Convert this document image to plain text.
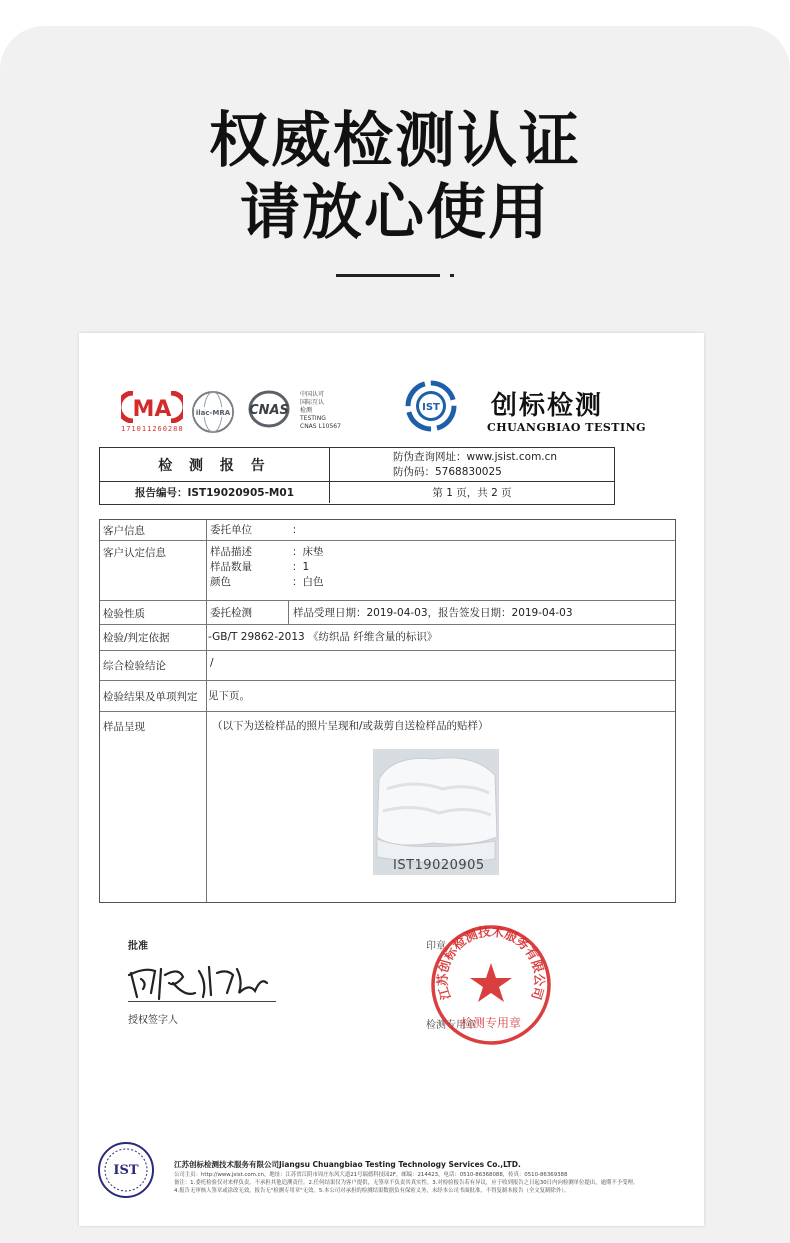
权威检测认证
请放心使用
MA
171011260288
ilac-MRA CNAS
中国认可
国际互认
检测
TESTING
CNAS L10567
IST 创标检测
CHUANGBIAO TESTING
检 测 报 告
报告编号：IST19020905-M01
防伪查询网址：www.jsist.com.cn
防伪码：5768830025
第 1 页，共 2 页
客户信息	委托单位	：
客户认定信息	样品描述	：床垫
样品数量	：1
颜色	：白色
检验性质	委托检测	样品受理日期：2019-04-03，报告签发日期：2019-04-03
检验/判定依据	-GB/T 29862-2013 《纺织品 纤维含量的标识》
综合检验结论	/
检验结果及单项判定 见下页。
样品呈现	（以下为送检样品的照片呈现和/或裁剪自送检样品的贴样）
IST19020905
批准
授权签字人
印章
检测专用章
江苏创标检测技术服务有限公司
检测专用章
IST	江苏创标检测技术服务有限公司Jiangsu Chuangbiao Testing Technology Services Co.,LTD.
公司主页：http://www.jsist.com.cn，地址：江苏省江阴市周庄东风大道21号瑞德科技园2F，邮编：214423，电话：0510-86368088，传真：0510-86369388
备注：1.委托检验仅对来样负责，不承担其他追溯责任。2.任何结果仅为客户提供，无签章不负责其真实性。3.对检验报告若有异议，应于收到报告之日起30日内向检测单位提出，逾期不予受理。
4.报告无审核人签章或涂改无效。报告无"检测专用章"无效。5.本公司对承担的检测结果数据负有保密义务，未经本公司书面批准，不得复制本报告（全文复制除外）。
